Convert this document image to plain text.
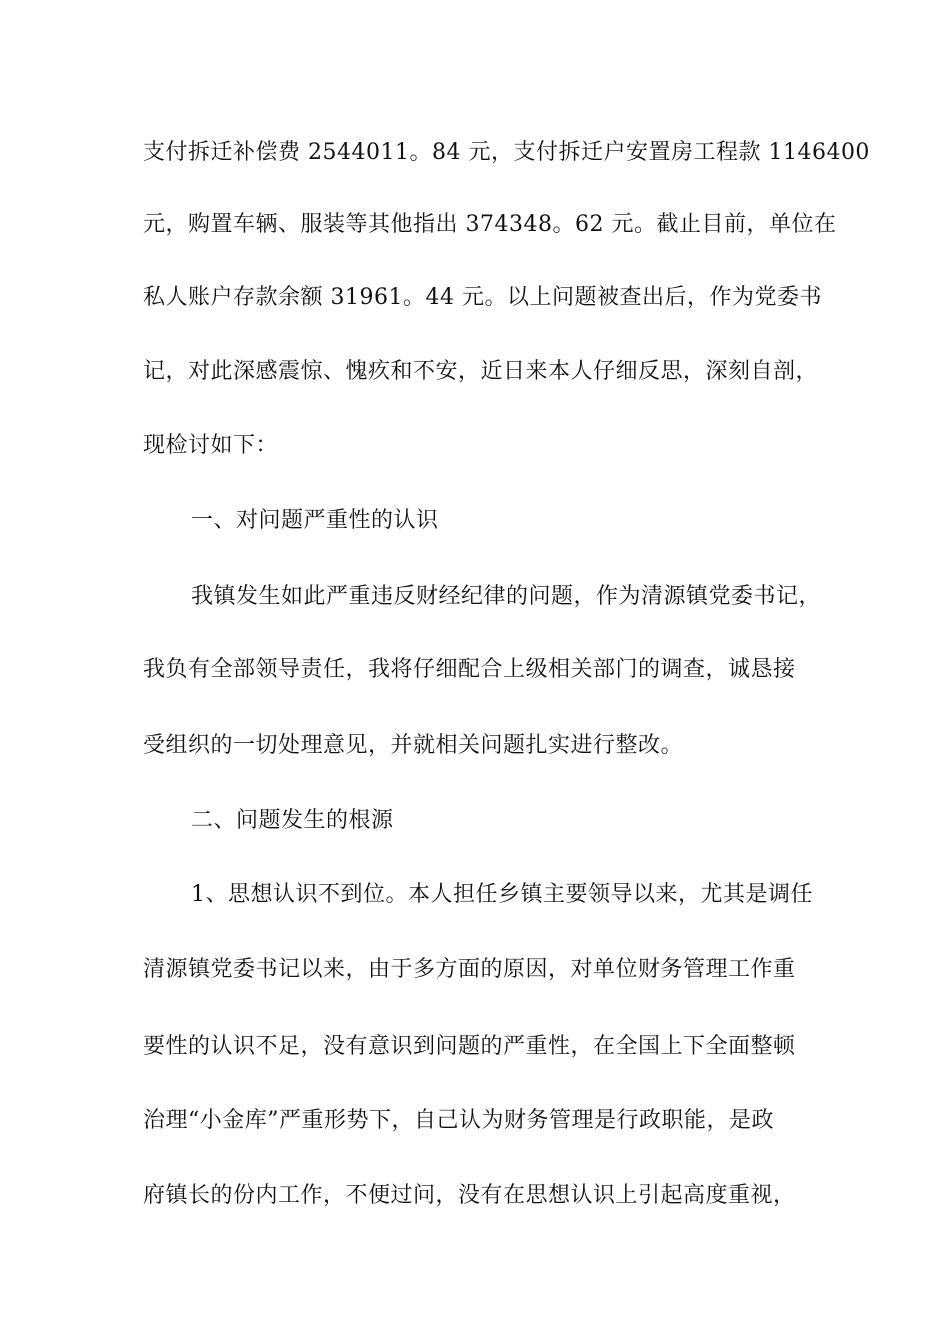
支付拆迁补偿费 2544011。84 元，支付拆迁户安置房工程款 1146400
元，购置车辆、服装等其他指出 374348。62 元。截止目前，单位在
私人账户存款余额 31961。44 元。以上问题被查出后，作为党委书
记，对此深感震惊、愧疚和不安，近日来本人仔细反思，深刻自剖，
现检讨如下：
一、对问题严重性的认识
我镇发生如此严重违反财经纪律的问题，作为清源镇党委书记，
我负有全部领导责任，我将仔细配合上级相关部门的调查，诚恳接
受组织的一切处理意见，并就相关问题扎实进行整改。
二、问题发生的根源
1、思想认识不到位。本人担任乡镇主要领导以来，尤其是调任
清源镇党委书记以来，由于多方面的原因，对单位财务管理工作重
要性的认识不足，没有意识到问题的严重性，在全国上下全面整顿
治理“小金库”严重形势下，自己认为财务管理是行政职能，是政
府镇长的份内工作，不便过问，没有在思想认识上引起高度重视，
